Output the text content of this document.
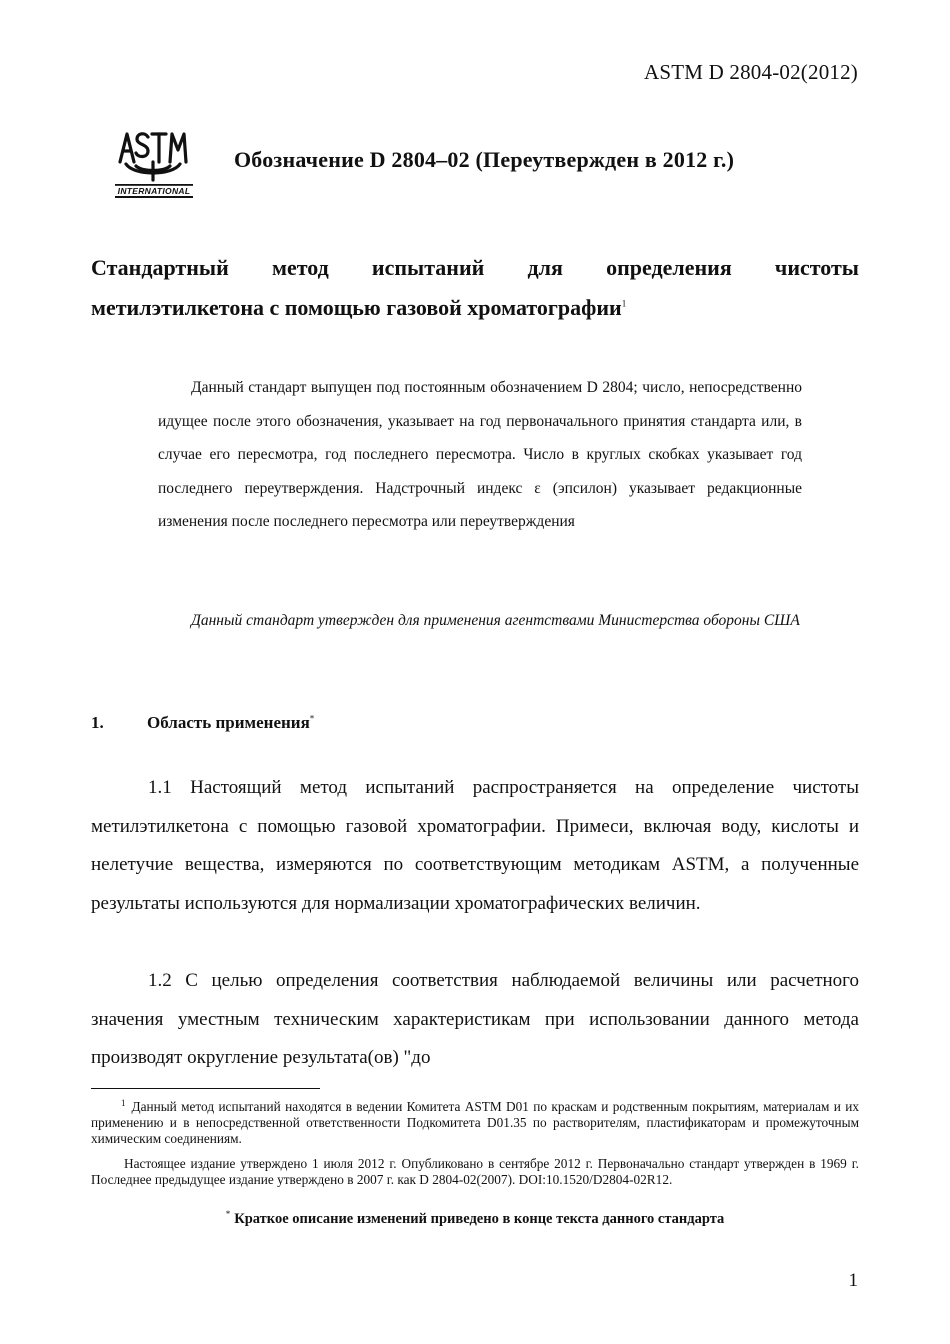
ASTM D 2804-02(2012)
INTERNATIONAL
Обозначение D 2804–02 (Переутвержден в 2012 г.)
Стандартный метод испытаний для определения чистоты
метилэтилкетона с помощью газовой хроматографии$^1$

Данный стандарт выпущен под постоянным обозначением D 2804; число, непосредственно идущее после этого обозначения, указывает на год первоначального принятия стандарта или, в случае его пересмотра, год последнего пересмотра. Число в круглых скобках указывает год последнего переутверждения. Надстрочный индекс ε (эпсилон) указывает редакционные изменения после последнего пересмотра или переутверждения

Данный стандарт утвержден для применения агентствами Министерства обороны США

1.	Область применения*

1.1 Настоящий метод испытаний распространяется на определение чистоты метилэтилкетона с помощью газовой хроматографии. Примеси, включая воду, кислоты и нелетучие вещества, измеряются по соответствующим методикам ASTM, а полученные результаты используются для нормализации хроматографических величин.

1.2 С целью определения соответствия наблюдаемой величины или расчетного значения уместным техническим характеристикам при использовании данного метода производят округление результата(ов) "до

$^1$ Данный метод испытаний находятся в ведении Комитета ASTM D01 по краскам и родственным покрытиям, материалам и их применению и в непосредственной ответственности Подкомитета D01.35 по растворителям, пластификаторам и промежуточным химическим соединениям.

Настоящее издание утверждено 1 июля 2012 г. Опубликовано в сентябре 2012 г. Первоначально стандарт утвержден в 1969 г. Последнее предыдущее издание утверждено в 2007 г. как D 2804-02(2007). DOI:10.1520/D2804-02R12.

* Краткое описание изменений приведено в конце текста данного стандарта
1
